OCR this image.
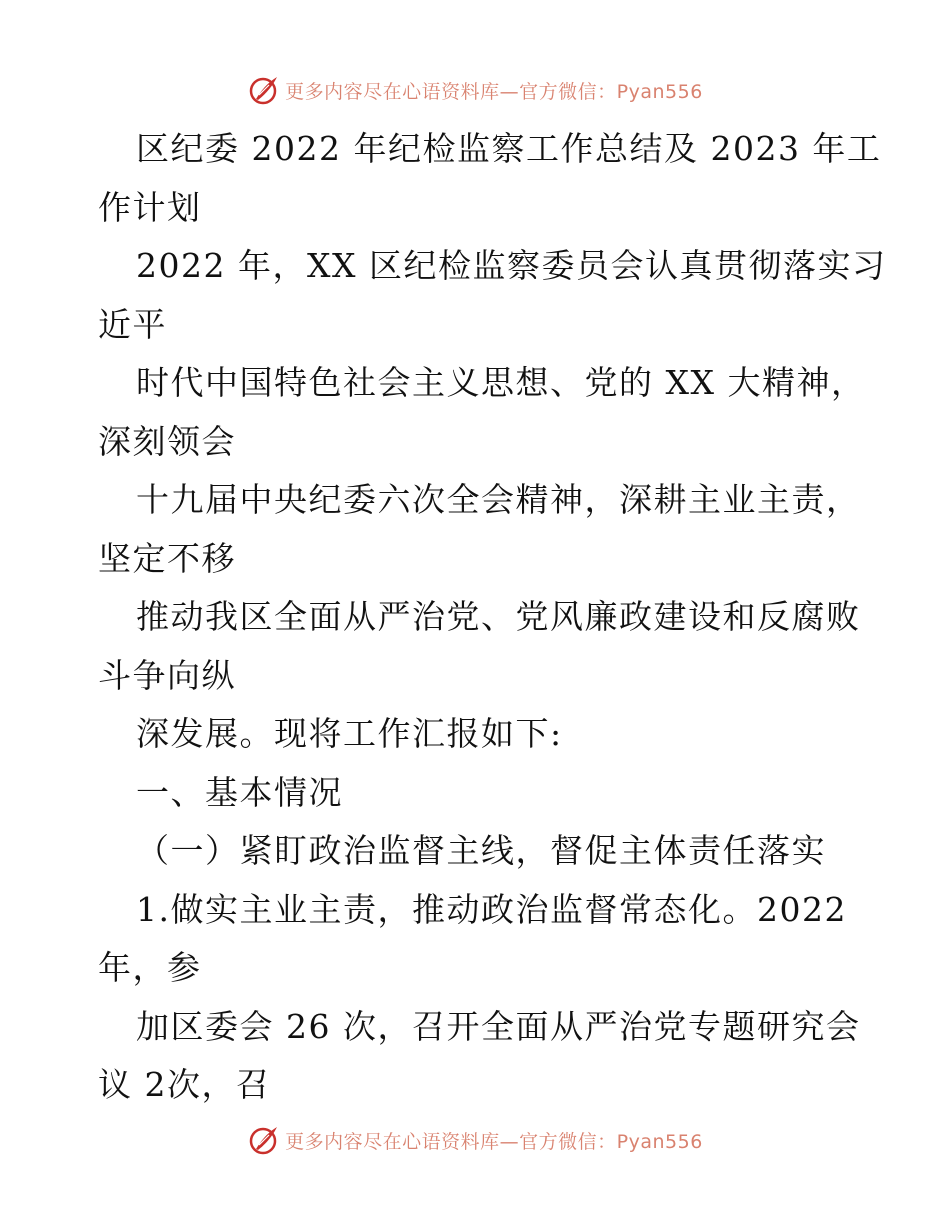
更多内容尽在心语资料库—官方微信：Pyan556
区纪委 2022 年纪检监察工作总结及 2023 年工
作计划
2022 年，XX 区纪检监察委员会认真贯彻落实习
近平
时代中国特色社会主义思想、党的 XX 大精神，
深刻领会
十九届中央纪委六次全会精神，深耕主业主责，
坚定不移
推动我区全面从严治党、党风廉政建设和反腐败
斗争向纵
深发展。现将工作汇报如下:
一、基本情况
（一）紧盯政治监督主线，督促主体责任落实
1.做实主业主责，推动政治监督常态化。2022
年，参
加区委会 26 次，召开全面从严治党专题研究会
议 2次，召
更多内容尽在心语资料库—官方微信：Pyan556
